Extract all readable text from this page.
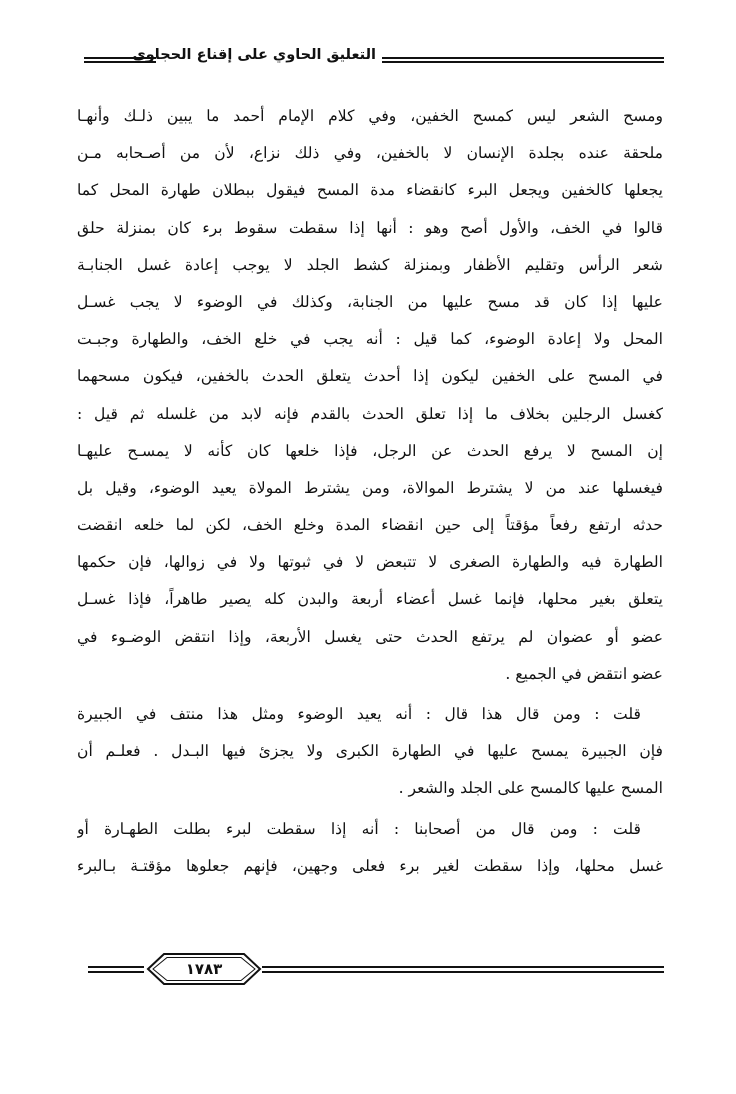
التعليق الحاوي على إقناع الحجاوي
ومسح الشعر ليس كمسح الخفين، وفي كلام الإمام أحمد ما يبين ذلـك وأنهـا
ملحقة عنده بجلدة الإنسان لا بالخفين، وفي ذلك نزاع، لأن من أصـحابه مـن
يجعلها كالخفين ويجعل البرء كانقضاء مدة المسح فيقول ببطلان طهارة المحل كما
قالوا في الخف، والأول أصح وهو : أنها إذا سقطت سقوط برء كان بمنزلة حلق
شعر الرأس وتقليم الأظفار وبمنزلة كشط الجلد لا يوجب إعادة غسل الجنابـة
عليها إذا كان قد مسح عليها من الجنابة، وكذلك في الوضوء لا يجب غسـل
المحل ولا إعادة الوضوء، كما قيل : أنه يجب في خلع الخف، والطهارة وجبـت
في المسح على الخفين ليكون إذا أحدث يتعلق الحدث بالخفين، فيكون مسحهما
كغسل الرجلين بخلاف ما إذا تعلق الحدث بالقدم فإنه لابد من غلسله ثم قيل :
إن المسح لا يرفع الحدث عن الرجل، فإذا خلعها كان كأنه لا يمسـح عليهـا
فيغسلها عند من لا يشترط الموالاة، ومن يشترط المولاة يعيد الوضوء، وقيل بل
حدثه ارتفع رفعاً مؤقتاً إلى حين انقضاء المدة وخلع الخف، لكن لما خلعه انقضت
الطهارة فيه والطهارة الصغرى لا تتبعض لا في ثبوتها ولا في زوالها، فإن حكمها
يتعلق بغير محلها، فإنما غسل أعضاء أربعة والبدن كله يصير طاهراً، فإذا غسـل
عضو أو عضوان لم يرتفع الحدث حتى يغسل الأربعة، وإذا انتقض الوضـوء في
عضو انتقض في الجميع .
قلت : ومن قال هذا قال : أنه يعيد الوضوء ومثل هذا منتف في الجبيرة
فإن الجبيرة يمسح عليها في الطهارة الكبرى ولا يجزئ فيها البـدل . فعلـم أن
المسح عليها كالمسح على الجلد والشعر .
قلت : ومن قال من أصحابنا : أنه إذا سقطت لبرء بطلت الطهـارة أو
غسل محلها، وإذا سقطت لغير برء فعلى وجهين، فإنهم جعلوها مؤقتـة بـالبرء
١٧٨٣
